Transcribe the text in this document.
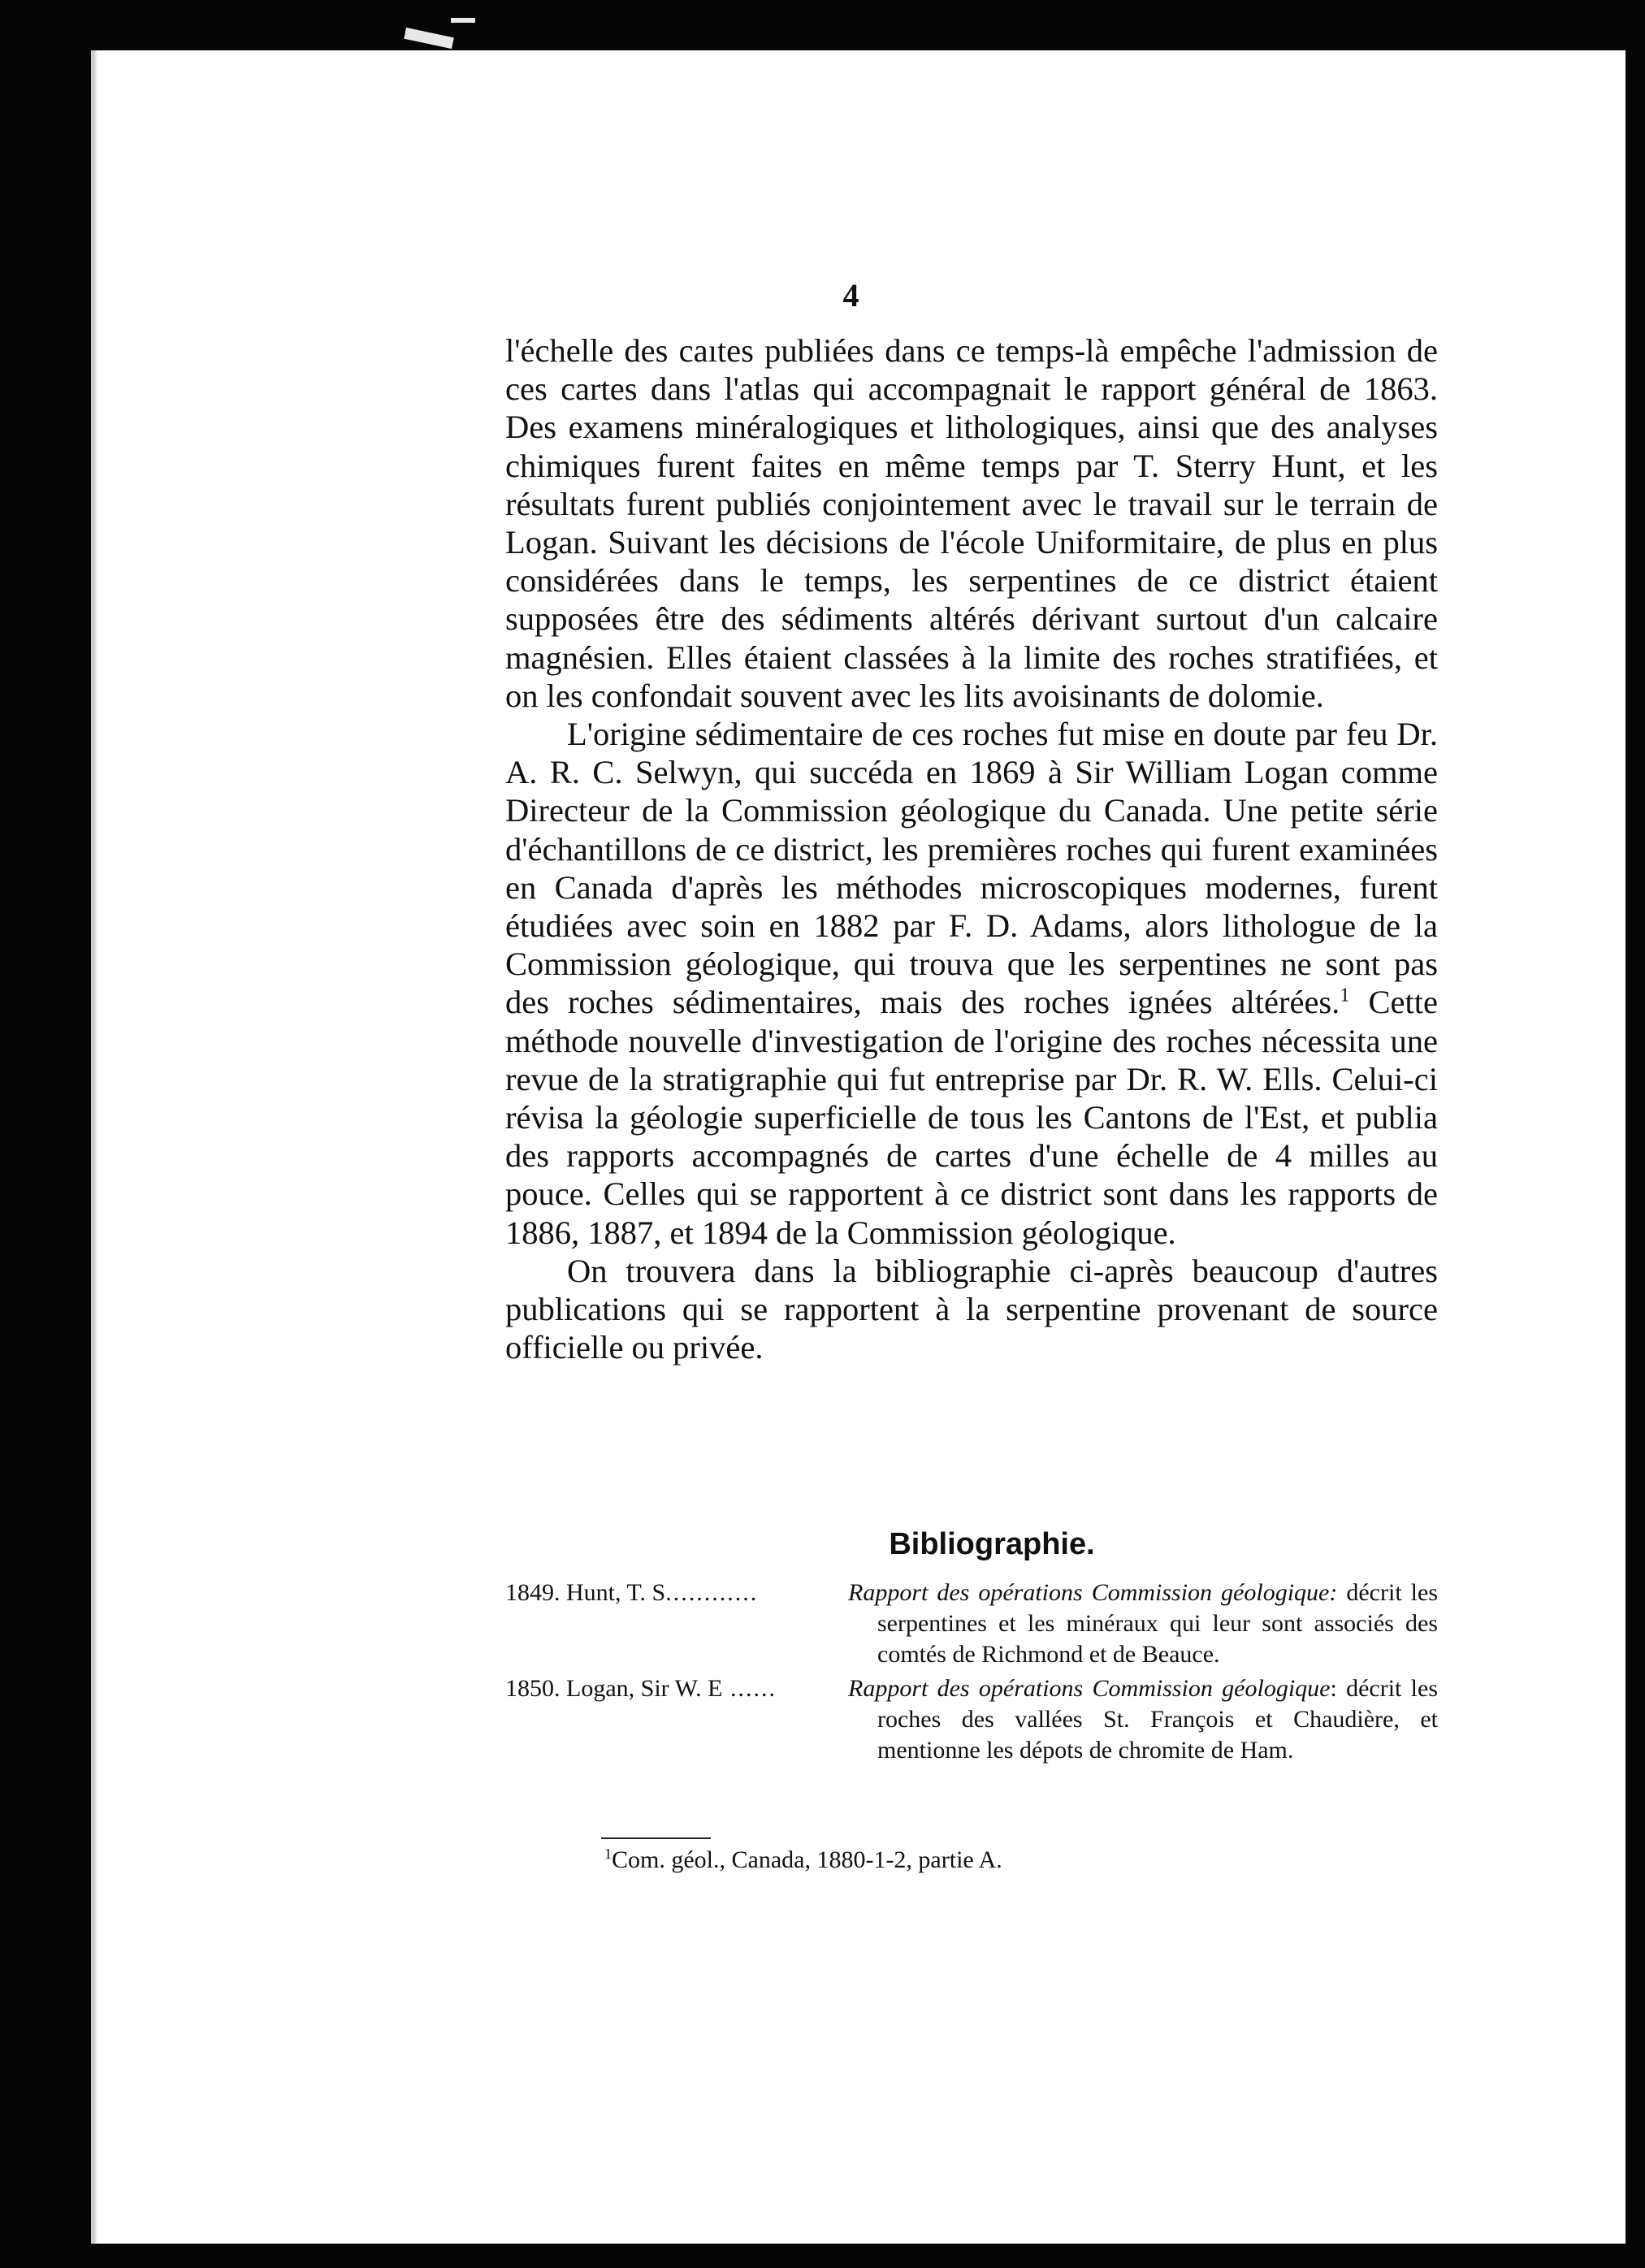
4

l'échelle des caıtes publiées dans ce temps-là empêche l'admission de ces cartes dans l'atlas qui accompagnait le rapport général de 1863. Des examens minéralogiques et lithologiques, ainsi que des analyses chimiques furent faites en même temps par T. Sterry Hunt, et les résultats furent publiés conjointement avec le travail sur le terrain de Logan. Suivant les décisions de l'école Uniformitaire, de plus en plus considérées dans le temps, les serpentines de ce district étaient supposées être des sédiments altérés dérivant surtout d'un calcaire magnésien. Elles étaient classées à la limite des roches stratifiées, et on les confondait souvent avec les lits avoisinants de dolomie.

L'origine sédimentaire de ces roches fut mise en doute par feu Dr. A. R. C. Selwyn, qui succéda en 1869 à Sir William Logan comme Directeur de la Commission géologique du Canada. Une petite série d'échantillons de ce district, les premières roches qui furent examinées en Canada d'après les méthodes microscopiques modernes, furent étudiées avec soin en 1882 par F. D. Adams, alors lithologue de la Commission géologique, qui trouva que les serpentines ne sont pas des roches sédimentaires, mais des roches ignées altérées.$^1$ Cette méthode nouvelle d'investigation de l'origine des roches nécessita une revue de la stratigraphie qui fut entreprise par Dr. R. W. Ells. Celui-ci révisa la géologie superficielle de tous les Cantons de l'Est, et publia des rapports accompagnés de cartes d'une échelle de 4 milles au pouce. Celles qui se rapportent à ce district sont dans les rapports de 1886, 1887, et 1894 de la Commission géologique.

On trouvera dans la bibliographie ci-après beaucoup d'autres publications qui se rapportent à la serpentine provenant de source officielle ou privée.

Bibliographie.
1849. Hunt, T. S............	Rapport des opérations Commission géologique: décrit les serpentines et les minéraux qui leur sont associés des comtés de Richmond et de Beauce.
1850. Logan, Sir W. E ......	Rapport des opérations Commission géologique: décrit les roches des vallées St. François et Chaudière, et mentionne les dépots de chromite de Ham.
$^1$Com. géol., Canada, 1880-1-2, partie A.
